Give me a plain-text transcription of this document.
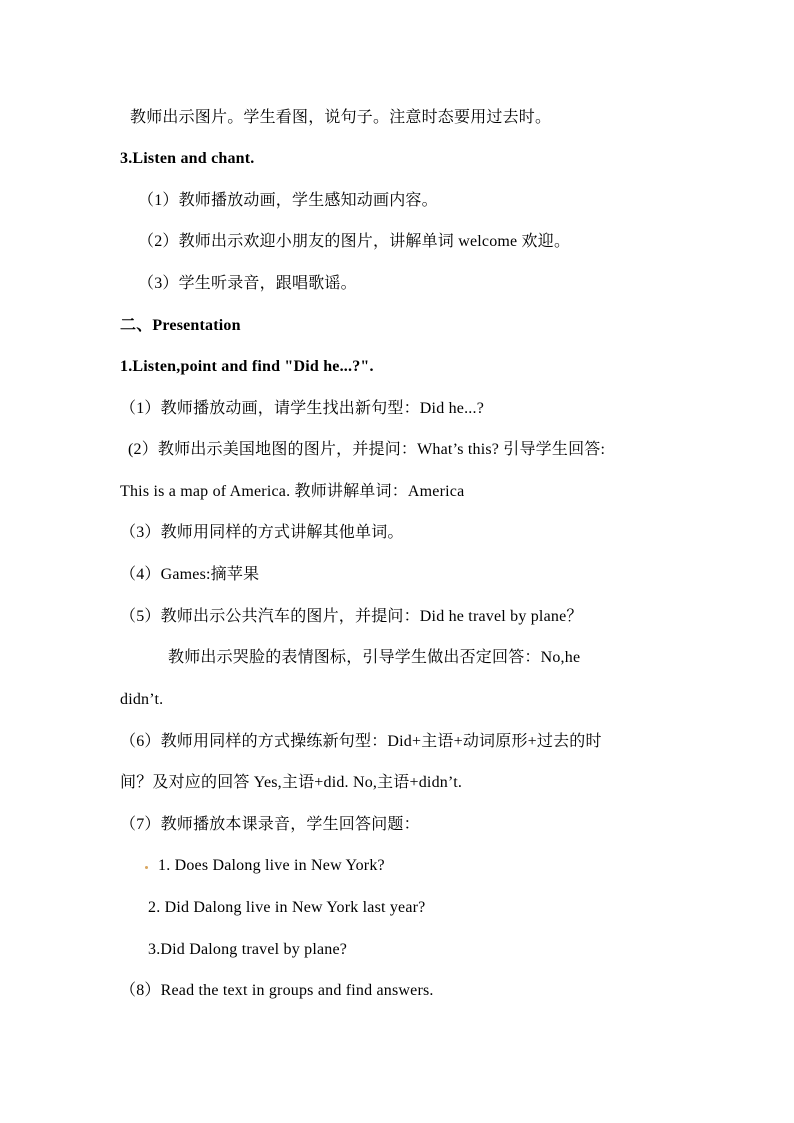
教师出示图片。学生看图，说句子。注意时态要用过去时。
3.Listen and chant.
（1）教师播放动画，学生感知动画内容。
（2）教师出示欢迎小朋友的图片，讲解单词 welcome 欢迎。
（3）学生听录音，跟唱歌谣。
二、Presentation
1.Listen,point and find "Did he...?".
（1）教师播放动画，请学生找出新句型：Did he...?
(2）教师出示美国地图的图片，并提问：What’s this? 引导学生回答:
This is a map of America. 教师讲解单词：America
（3）教师用同样的方式讲解其他单词。
（4）Games:摘苹果
（5）教师出示公共汽车的图片，并提问：Did he travel by plane？
教师出示哭脸的表情图标，引导学生做出否定回答：No,he
didn’t.
（6）教师用同样的方式操练新句型：Did+主语+动词原形+过去的时
间？及对应的回答 Yes,主语+did. No,主语+didn’t.
（7）教师播放本课录音，学生回答问题：
1. Does Dalong live in New York?
2. Did Dalong live in New York last year?
3.Did Dalong travel by plane?
（8）Read the text in groups and find answers.
